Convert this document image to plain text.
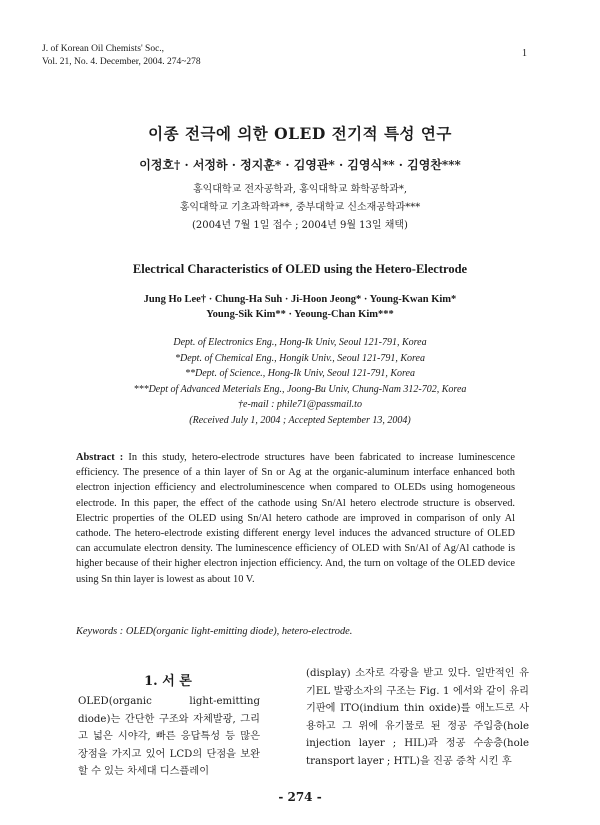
J. of Korean Oil Chemists' Soc.,
Vol. 21, No. 4. December, 2004. 274~278
1
이종 전극에 의한 OLED 전기적 특성 연구
이정호† · 서정하 · 정지훈* · 김영관* · 김영식** · 김영찬***
홍익대학교 전자공학과, 홍익대학교 화학공학과*,
홍익대학교 기초과학과**, 중부대학교 신소재공학과***
(2004년 7월 1일 접수 ; 2004년 9월 13일 채택)
Electrical Characteristics of OLED using the Hetero-Electrode
Jung Ho Lee† · Chung-Ha Suh · Ji-Hoon Jeong* · Young-Kwan Kim*
Young-Sik Kim** · Yeoung-Chan Kim***
Dept. of Electronics Eng., Hong-Ik Univ, Seoul 121-791, Korea
*Dept. of Chemical Eng., Hongik Univ., Seoul 121-791, Korea
**Dept. of Science., Hong-Ik Univ, Seoul 121-791, Korea
***Dept of Advanced Meterials Eng., Joong-Bu Univ, Chung-Nam 312-702, Korea
†e-mail : phile71@passmail.to
(Received July 1, 2004 ; Accepted September 13, 2004)
Abstract : In this study, hetero-electrode structures have been fabricated to increase luminescence efficiency. The presence of a thin layer of Sn or Ag at the organic-aluminum interface enhanced both electron injection efficiency and electroluminescence when compared to OLEDs using homogeneous electrode. In this paper, the effect of the cathode using Sn/Al hetero electrode structure is observed. Electric properties of the OLED using Sn/Al hetero cathode are improved in comparison of only Al cathode. The hetero-electrode existing different energy level induces the advanced structure of OLED can accumulate electron density. The luminescence efficiency of OLED with Sn/Al of Ag/Al cathode is higher because of their higher electron injection efficiency. And, the turn on voltage of the OLED device using Sn thin layer is lowest as about 10 V.
Keywords : OLED(organic light-emitting diode), hetero-electrode.
1. 서 론
OLED(organic light-emitting diode)는 간단한 구조와 자체발광, 그리고 넓은 시야각, 빠른 응답특성 등 많은 장점을 가지고 있어 LCD의 단점을 보완할 수 있는 차세대 디스플레이
(display) 소자로 각광을 받고 있다. 일반적인 유기EL 발광소자의 구조는 Fig. 1 에서와 같이 유리기판에 ITO(indium thin oxide)를 애노드로 사용하고 그 위에 유기물로 된 정공 주입층(hole injection layer ; HIL)과 정공 수송층(hole transport layer ; HTL)을 진공 증착 시킨 후
- 274 -
